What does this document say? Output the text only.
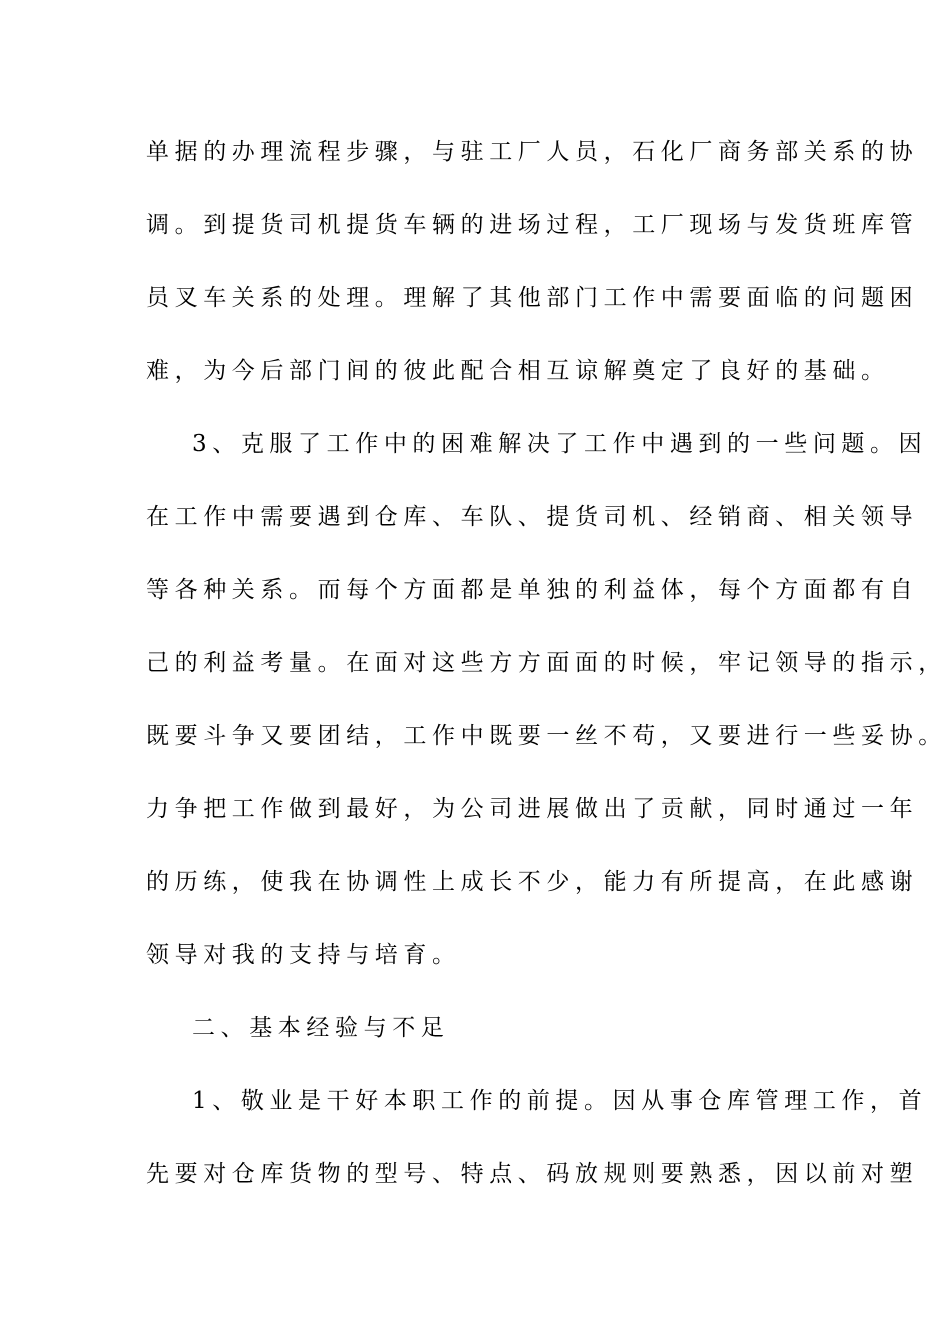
单据的办理流程步骤，与驻工厂人员，石化厂商务部关系的协
调。到提货司机提货车辆的进场过程，工厂现场与发货班库管
员叉车关系的处理。理解了其他部门工作中需要面临的问题困
难，为今后部门间的彼此配合相互谅解奠定了良好的基础。
3、克服了工作中的困难解决了工作中遇到的一些问题。因
在工作中需要遇到仓库、车队、提货司机、经销商、相关领导
等各种关系。而每个方面都是单独的利益体，每个方面都有自
己的利益考量。在面对这些方方面面的时候，牢记领导的指示，
既要斗争又要团结，工作中既要一丝不苟，又要进行一些妥协。
力争把工作做到最好，为公司进展做出了贡献，同时通过一年
的历练，使我在协调性上成长不少，能力有所提高，在此感谢
领导对我的支持与培育。
二、基本经验与不足
1、敬业是干好本职工作的前提。因从事仓库管理工作，首
先要对仓库货物的型号、特点、码放规则要熟悉，因以前对塑
